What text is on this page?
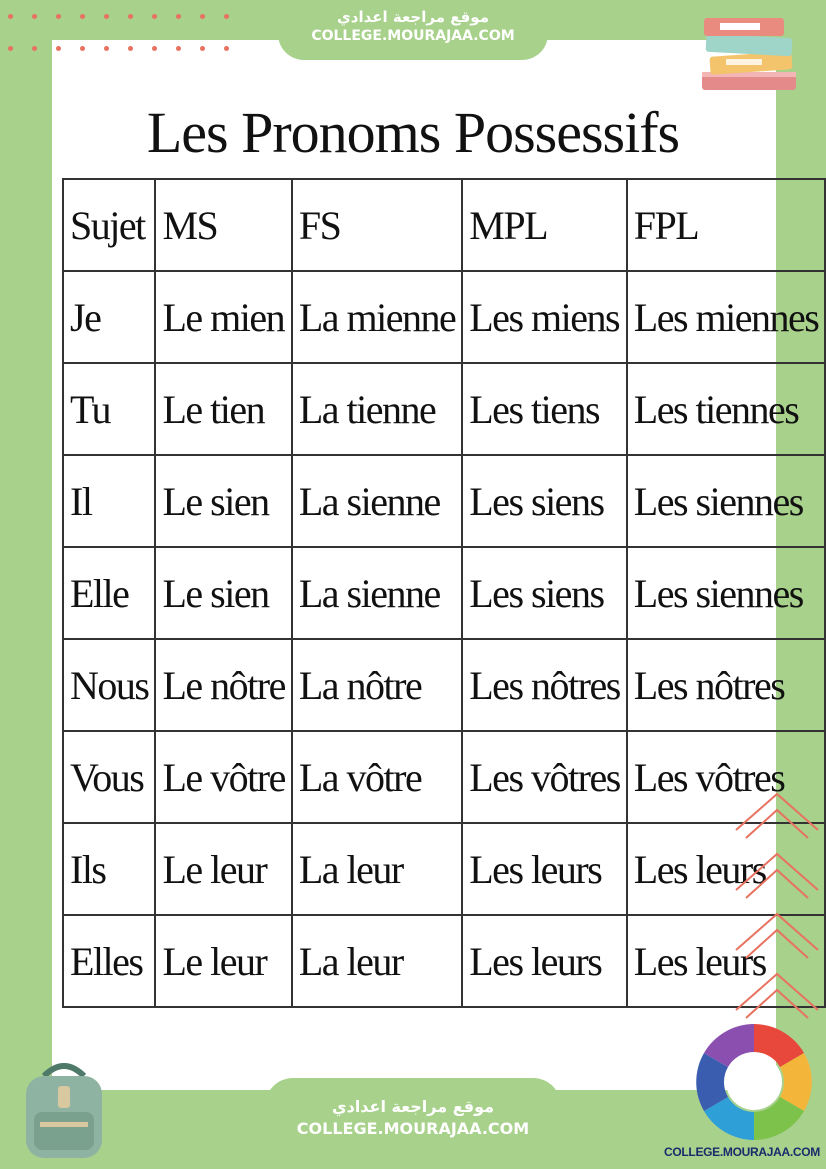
موقع مراجعة اعدادي
COLLEGE.MOURAJAA.COM
Les Pronoms Possessifs
Sujet	MS	FS	MPL	FPL
Je	Le mien	La mienne	Les miens	Les miennes
Tu	Le tien	La tienne	Les tiens	Les tiennes
Il	Le sien	La sienne	Les siens	Les siennes
Elle	Le sien	La sienne	Les siens	Les siennes
Nous	Le nôtre	La nôtre	Les nôtres	Les nôtres
Vous	Le vôtre	La vôtre	Les vôtres	Les vôtres
Ils	Le leur	La leur	Les leurs	Les leurs
Elles	Le leur	La leur	Les leurs	Les leurs
COLLEGE.MOURAJAA.COM
موقع مراجعة اعدادي
COLLEGE.MOURAJAA.COM
